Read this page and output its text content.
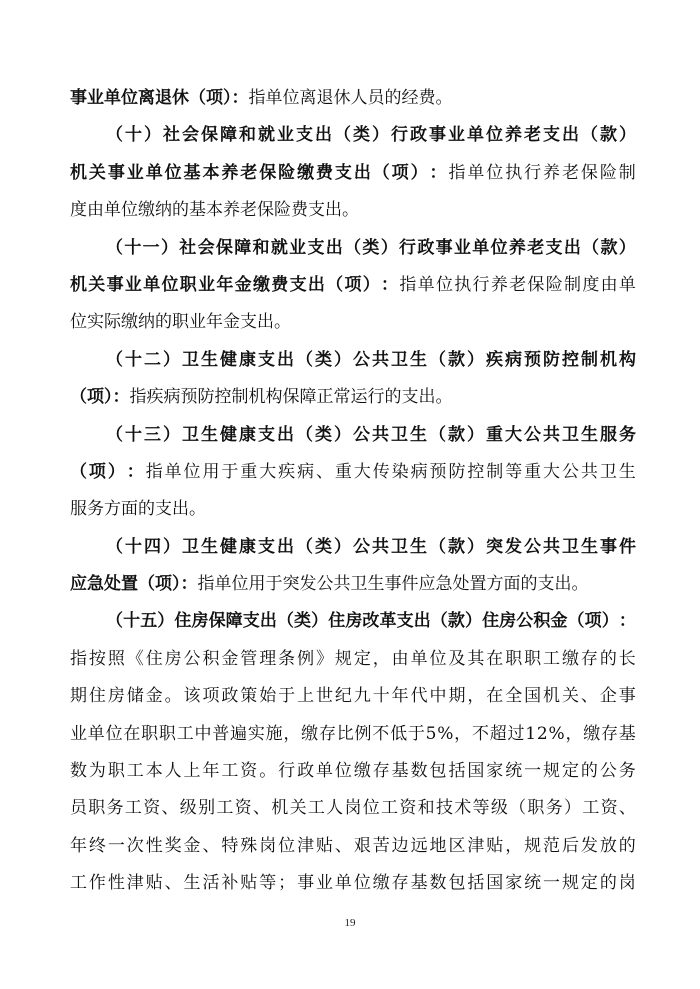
事业单位离退休（项）：指单位离退休人员的经费。
（ 十 ） 社 会 保 障 和 就 业 支 出 （ 类 ） 行 政 事 业 单 位 养 老 支 出 （ 款 ）
机 关 事 业 单 位 基 本 养 老 保 险 缴 费 支 出 （ 项 ） ： 指 单 位 执 行 养 老 保 险 制
度由单位缴纳的基本养老保险费支出。
（ 十 一 ） 社 会 保 障 和 就 业 支 出 （ 类 ） 行 政 事 业 单 位 养 老 支 出 （ 款 ）
机 关 事 业 单 位 职 业 年 金 缴 费 支 出 （ 项 ） ： 指 单 位 执 行 养 老 保 险 制 度 由 单
位实际缴纳的职业年金支出。
（ 十 二 ） 卫 生 健 康 支 出 （ 类 ） 公 共 卫 生 （ 款 ） 疾 病 预 防 控 制 机 构
（项）：指疾病预防控制机构保障正常运行的支出。
（ 十 三 ） 卫 生 健 康 支 出 （ 类 ） 公 共 卫 生 （ 款 ） 重 大 公 共 卫 生 服 务
（ 项 ） ： 指 单 位 用 于 重 大 疾 病 、 重 大 传 染 病 预 防 控 制 等 重 大 公 共 卫 生
服务方面的支出。
（ 十 四 ） 卫 生 健 康 支 出 （ 类 ） 公 共 卫 生 （ 款 ） 突 发 公 共 卫 生 事 件
应急处置（项）：指单位用于突发公共卫生事件应急处置方面的支出。
（ 十 五 ） 住 房 保 障 支 出 （ 类 ） 住 房 改 革 支 出 （ 款 ） 住 房 公 积 金 （ 项 ） ：
指 按 照 《 住 房 公 积 金 管 理 条 例 》 规 定 ， 由 单 位 及 其 在 职 职 工 缴 存 的 长
期 住 房 储 金 。 该 项 政 策 始 于 上 世 纪 九 十 年 代 中 期 ， 在 全 国 机 关 、 企 事
业 单 位 在 职 职 工 中 普 遍 实 施 ， 缴 存 比 例 不 低 于 5 % ， 不 超 过 1 2 % ， 缴 存 基
数 为 职 工 本 人 上 年 工 资 。 行 政 单 位 缴 存 基 数 包 括 国 家 统 一 规 定 的 公 务
员 职 务 工 资 、 级 别 工 资 、 机 关 工 人 岗 位 工 资 和 技 术 等 级 （ 职 务 ） 工 资 、
年 终 一 次 性 奖 金 、 特 殊 岗 位 津 贴 、 艰 苦 边 远 地 区 津 贴 ， 规 范 后 发 放 的
工 作 性 津 贴 、 生 活 补 贴 等 ； 事 业 单 位 缴 存 基 数 包 括 国 家 统 一 规 定 的 岗
19
